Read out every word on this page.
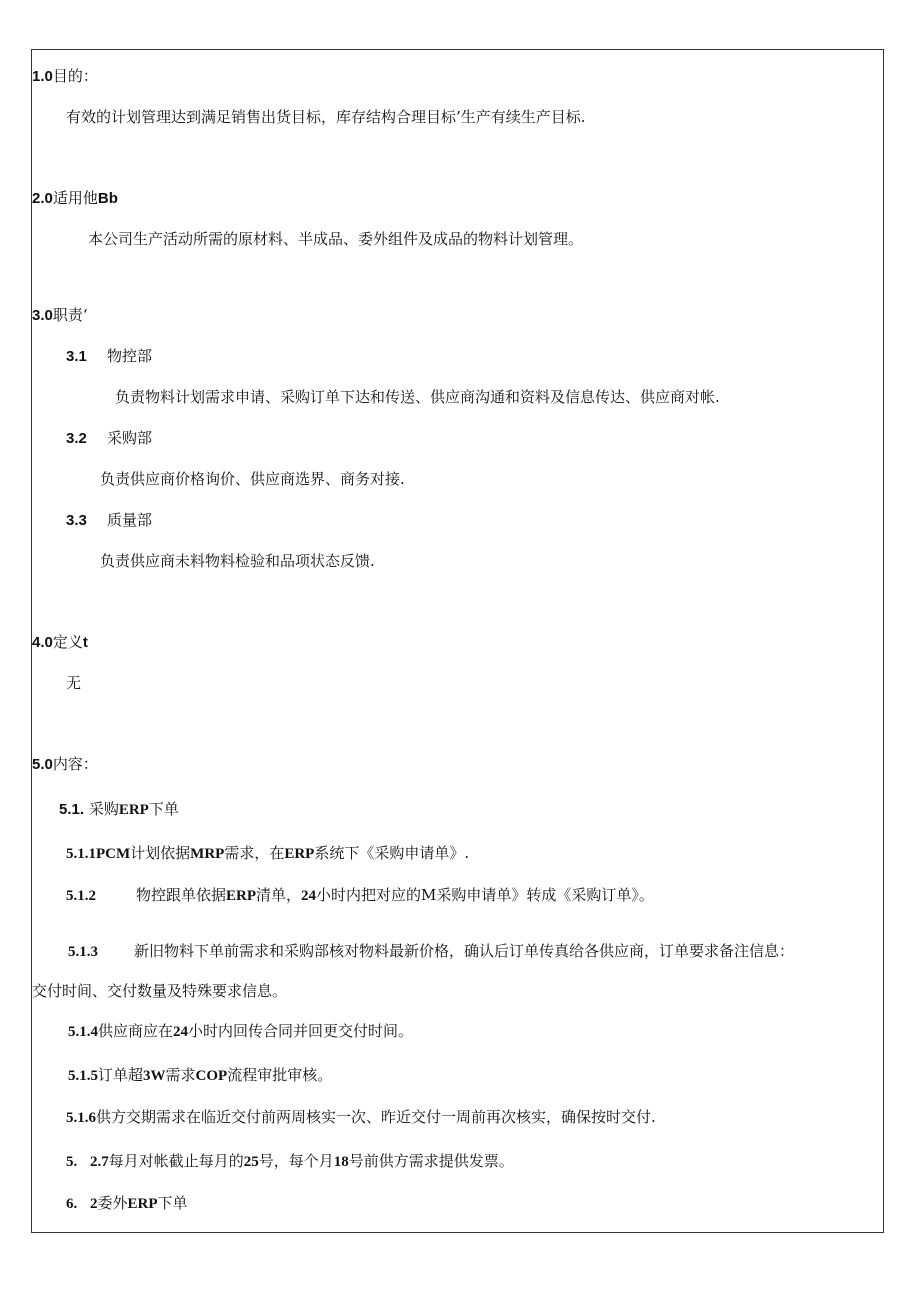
1.0目的：
有效的计划管理达到满足销售出货目标，库存结构合理目标’生产有续生产目标.
2.0适用他Bb
本公司生产活动所需的原材料、半成品、委外组件及成品的物料计划管理。
3.0职责‘
3.1 物控部
负责物料计划需求申请、采购订单下达和传送、供应商沟通和资料及信息传达、供应商对帐.
3.2 采购部
负责供应商价格询价、供应商选界、商务对接.
3.3 质量部
负责供应商未料物料检验和品项状态反馈.
4.0定义t
无
5.0内容：
5.1. 采购ERP下单
5.1.1PCM计划依据MRP需求，在ERP系统下《采购申请单》.
5.1.2	物控跟单依据ERP清单，24小时内把对应的M采购申请单》转成《采购订单》。
5.1.3 新旧物料下单前需求和采购部核对物料最新价格，确认后订单传真给各供应商，订单要求备注信息：
交付时间、交付数量及特殊要求信息。
5.1.4供应商应在24小时内回传合同并回更交付时间。
5.1.5订单超3W需求COP流程审批审核。
5.1.6供方交期需求在临近交付前两周核实一次、昨近交付一周前再次核实，确保按时交付.
5. 2.7每月对帐截止每月的25号，每个月18号前供方需求提供发票。
6. 2委外ERP下单
